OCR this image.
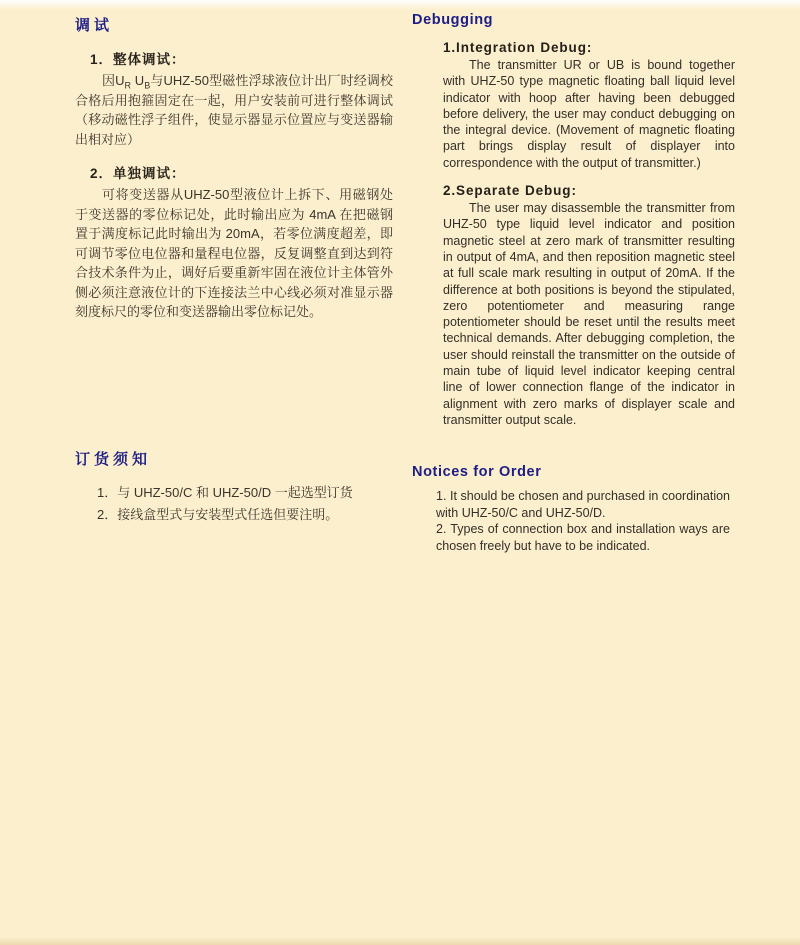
调试

1．整体调试：

因$U_R$ $U_B$与UHZ-50型磁性浮球液位计出厂时经调校合格后用抱箍固定在一起，用户安装前可进行整体调试（移动磁性浮子组件，使显示器显示位置应与变送器输出相对应）

2．单独调试：

可将变送器从UHZ-50型液位计上拆下、用磁钢处于变送器的零位标记处，此时输出应为 4mA 在把磁钢置于满度标记此时输出为 20mA，若零位满度超差，即可调节零位电位器和量程电位器，反复调整直到达到符合技术条件为止，调好后要重新牢固在液位计主体管外侧必须注意液位计的下连接法兰中心线必须对准显示器刻度标尺的零位和变送器输出零位标记处。

订货须知

1．与 UHZ-50/C 和 UHZ-50/D 一起选型订货

2．接线盒型式与安装型式任选但要注明。

Debugging

1.Integration Debug:

The transmitter UR or UB is bound together with UHZ-50 type magnetic floating ball liquid level indicator with hoop after having been debugged before delivery, the user may conduct debugging on the integral device. (Movement of magnetic floating part brings display result of displayer into correspondence with the output of transmitter.)

2.Separate Debug:

The user may disassemble the transmitter from UHZ-50 type liquid level indicator and position magnetic steel at zero mark of transmitter resulting in output of 4mA, and then reposition magnetic steel at full scale mark resulting in output of 20mA. If the difference at both positions is beyond the stipulated, zero potentiometer and measuring range potentiometer should be reset until the results meet technical demands. After debugging completion, the user should reinstall the transmitter on the outside of main tube of liquid level indicator keeping central line of lower connection flange of the indicator in alignment with zero marks of displayer scale and transmitter output scale.

Notices for Order

1. It should be chosen and purchased in coordination with UHZ-50/C and UHZ-50/D.

2. Types of connection box and installation ways are chosen freely but have to be indicated.
